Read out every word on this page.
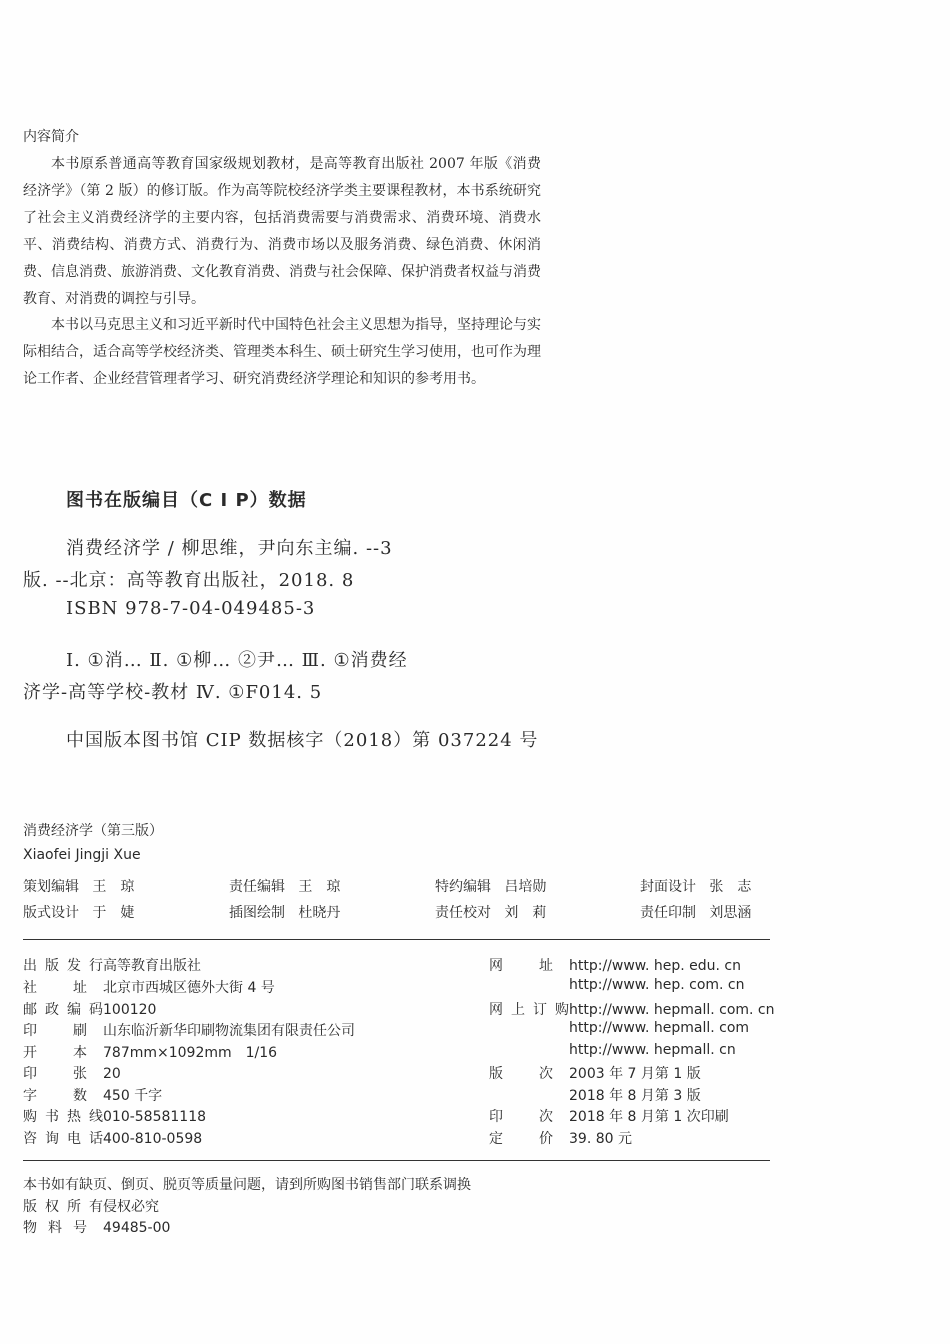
内容简介
本书原系普通高等教育国家级规划教材，是高等教育出版社 2007 年版《消费经济学》（第 2 版）的修订版。作为高等院校经济学类主要课程教材，本书系统研究了社会主义消费经济学的主要内容，包括消费需要与消费需求、消费环境、消费水平、消费结构、消费方式、消费行为、消费市场以及服务消费、绿色消费、休闲消费、信息消费、旅游消费、文化教育消费、消费与社会保障、保护消费者权益与消费教育、对消费的调控与引导。
本书以马克思主义和习近平新时代中国特色社会主义思想为指导，坚持理论与实际相结合，适合高等学校经济类、管理类本科生、硕士研究生学习使用，也可作为理论工作者、企业经营管理者学习、研究消费经济学理论和知识的参考用书。
图书在版编目（C I P）数据
消费经济学 / 柳思维，尹向东主编. --3
版. --北京：高等教育出版社，2018. 8
ISBN 978-7-04-049485-3
Ⅰ. ①消… Ⅱ. ①柳… ②尹… Ⅲ. ①消费经
济学-高等学校-教材 Ⅳ. ①F014. 5
中国版本图书馆 CIP 数据核字（2018）第 037224 号
消费经济学（第三版）
Xiaofei Jingji Xue
策划编辑 王　琼	责任编辑 王　琼	特约编辑 吕培勋	封面设计 张　志
版式设计 于　婕	插图绘制 杜晓丹	责任校对 刘　莉	责任印制 刘思涵
出版发行高等教育出版社
社址 北京市西城区德外大街 4 号
邮政编码100120
印刷 山东临沂新华印刷物流集团有限责任公司
开本 787mm×1092mm　1/16
印张 20
字数 450 千字
购书热线010-58581118
咨询电话400-810-0598
网址 http://www. hep. edu. cn
http://www. hep. com. cn
网上订购http://www. hepmall. com. cn
http://www. hepmall. com
http://www. hepmall. cn
版次 2003 年 7 月第 1 版
2018 年 8 月第 3 版
印次 2018 年 8 月第 1 次印刷
定价 39. 80 元
本书如有缺页、倒页、脱页等质量问题，请到所购图书销售部门联系调换
版权所有侵权必究
物料号 49485-00
